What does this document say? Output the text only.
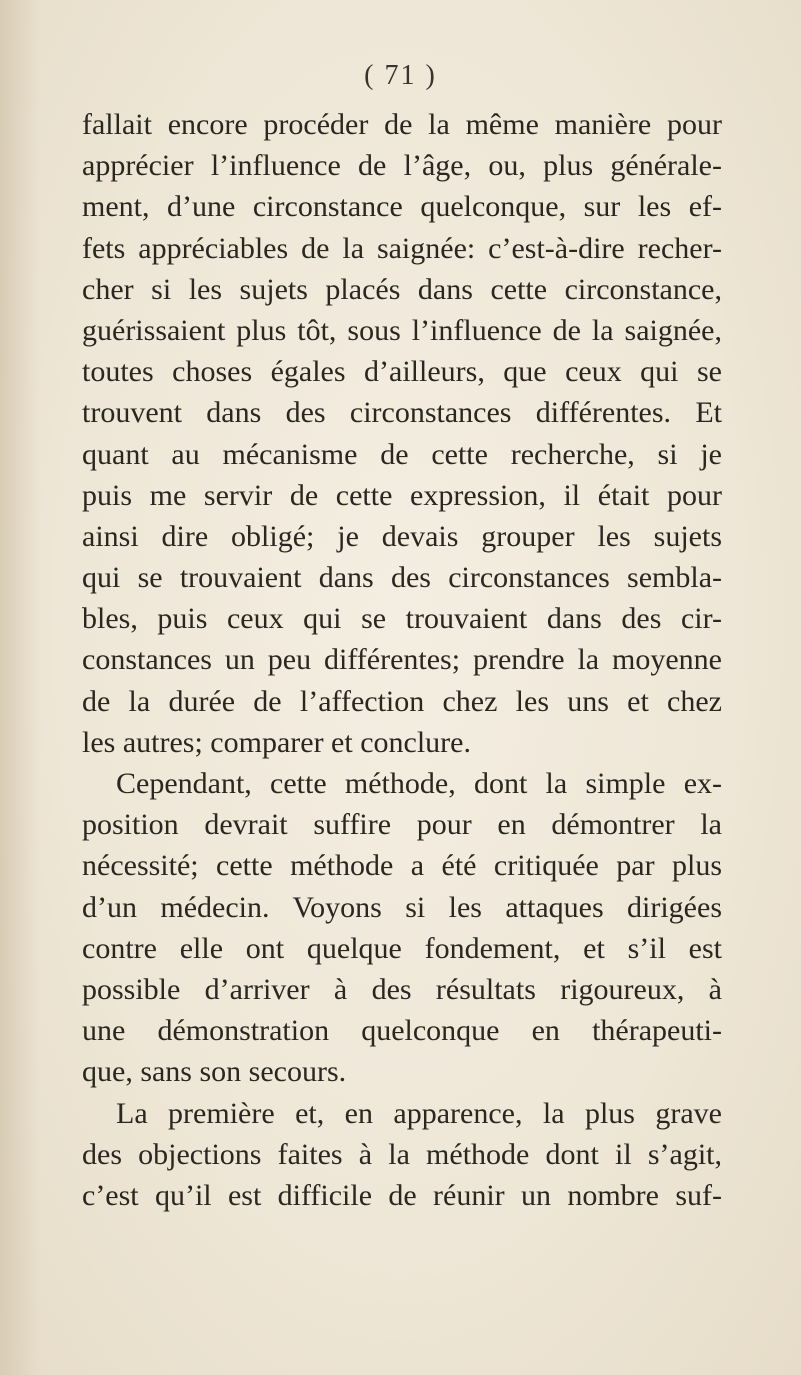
( 71 )
fallait encore procéder de la même manière pour
apprécier l’influence de l’âge, ou, plus générale-
ment, d’une circonstance quelconque, sur les ef-
fets appréciables de la saignée: c’est-à-dire recher-
cher si les sujets placés dans cette circonstance,
guérissaient plus tôt, sous l’influence de la saignée,
toutes choses égales d’ailleurs, que ceux qui se
trouvent dans des circonstances différentes. Et
quant au mécanisme de cette recherche, si je
puis me servir de cette expression, il était pour
ainsi dire obligé; je devais grouper les sujets
qui se trouvaient dans des circonstances sembla-
bles, puis ceux qui se trouvaient dans des cir-
constances un peu différentes; prendre la moyenne
de la durée de l’affection chez les uns et chez
les autres; comparer et conclure.
Cependant, cette méthode, dont la simple ex-
position devrait suffire pour en démontrer la
nécessité; cette méthode a été critiquée par plus
d’un médecin. Voyons si les attaques dirigées
contre elle ont quelque fondement, et s’il est
possible d’arriver à des résultats rigoureux, à
une démonstration quelconque en thérapeuti-
que, sans son secours.
La première et, en apparence, la plus grave
des objections faites à la méthode dont il s’agit,
c’est qu’il est difficile de réunir un nombre suf-
